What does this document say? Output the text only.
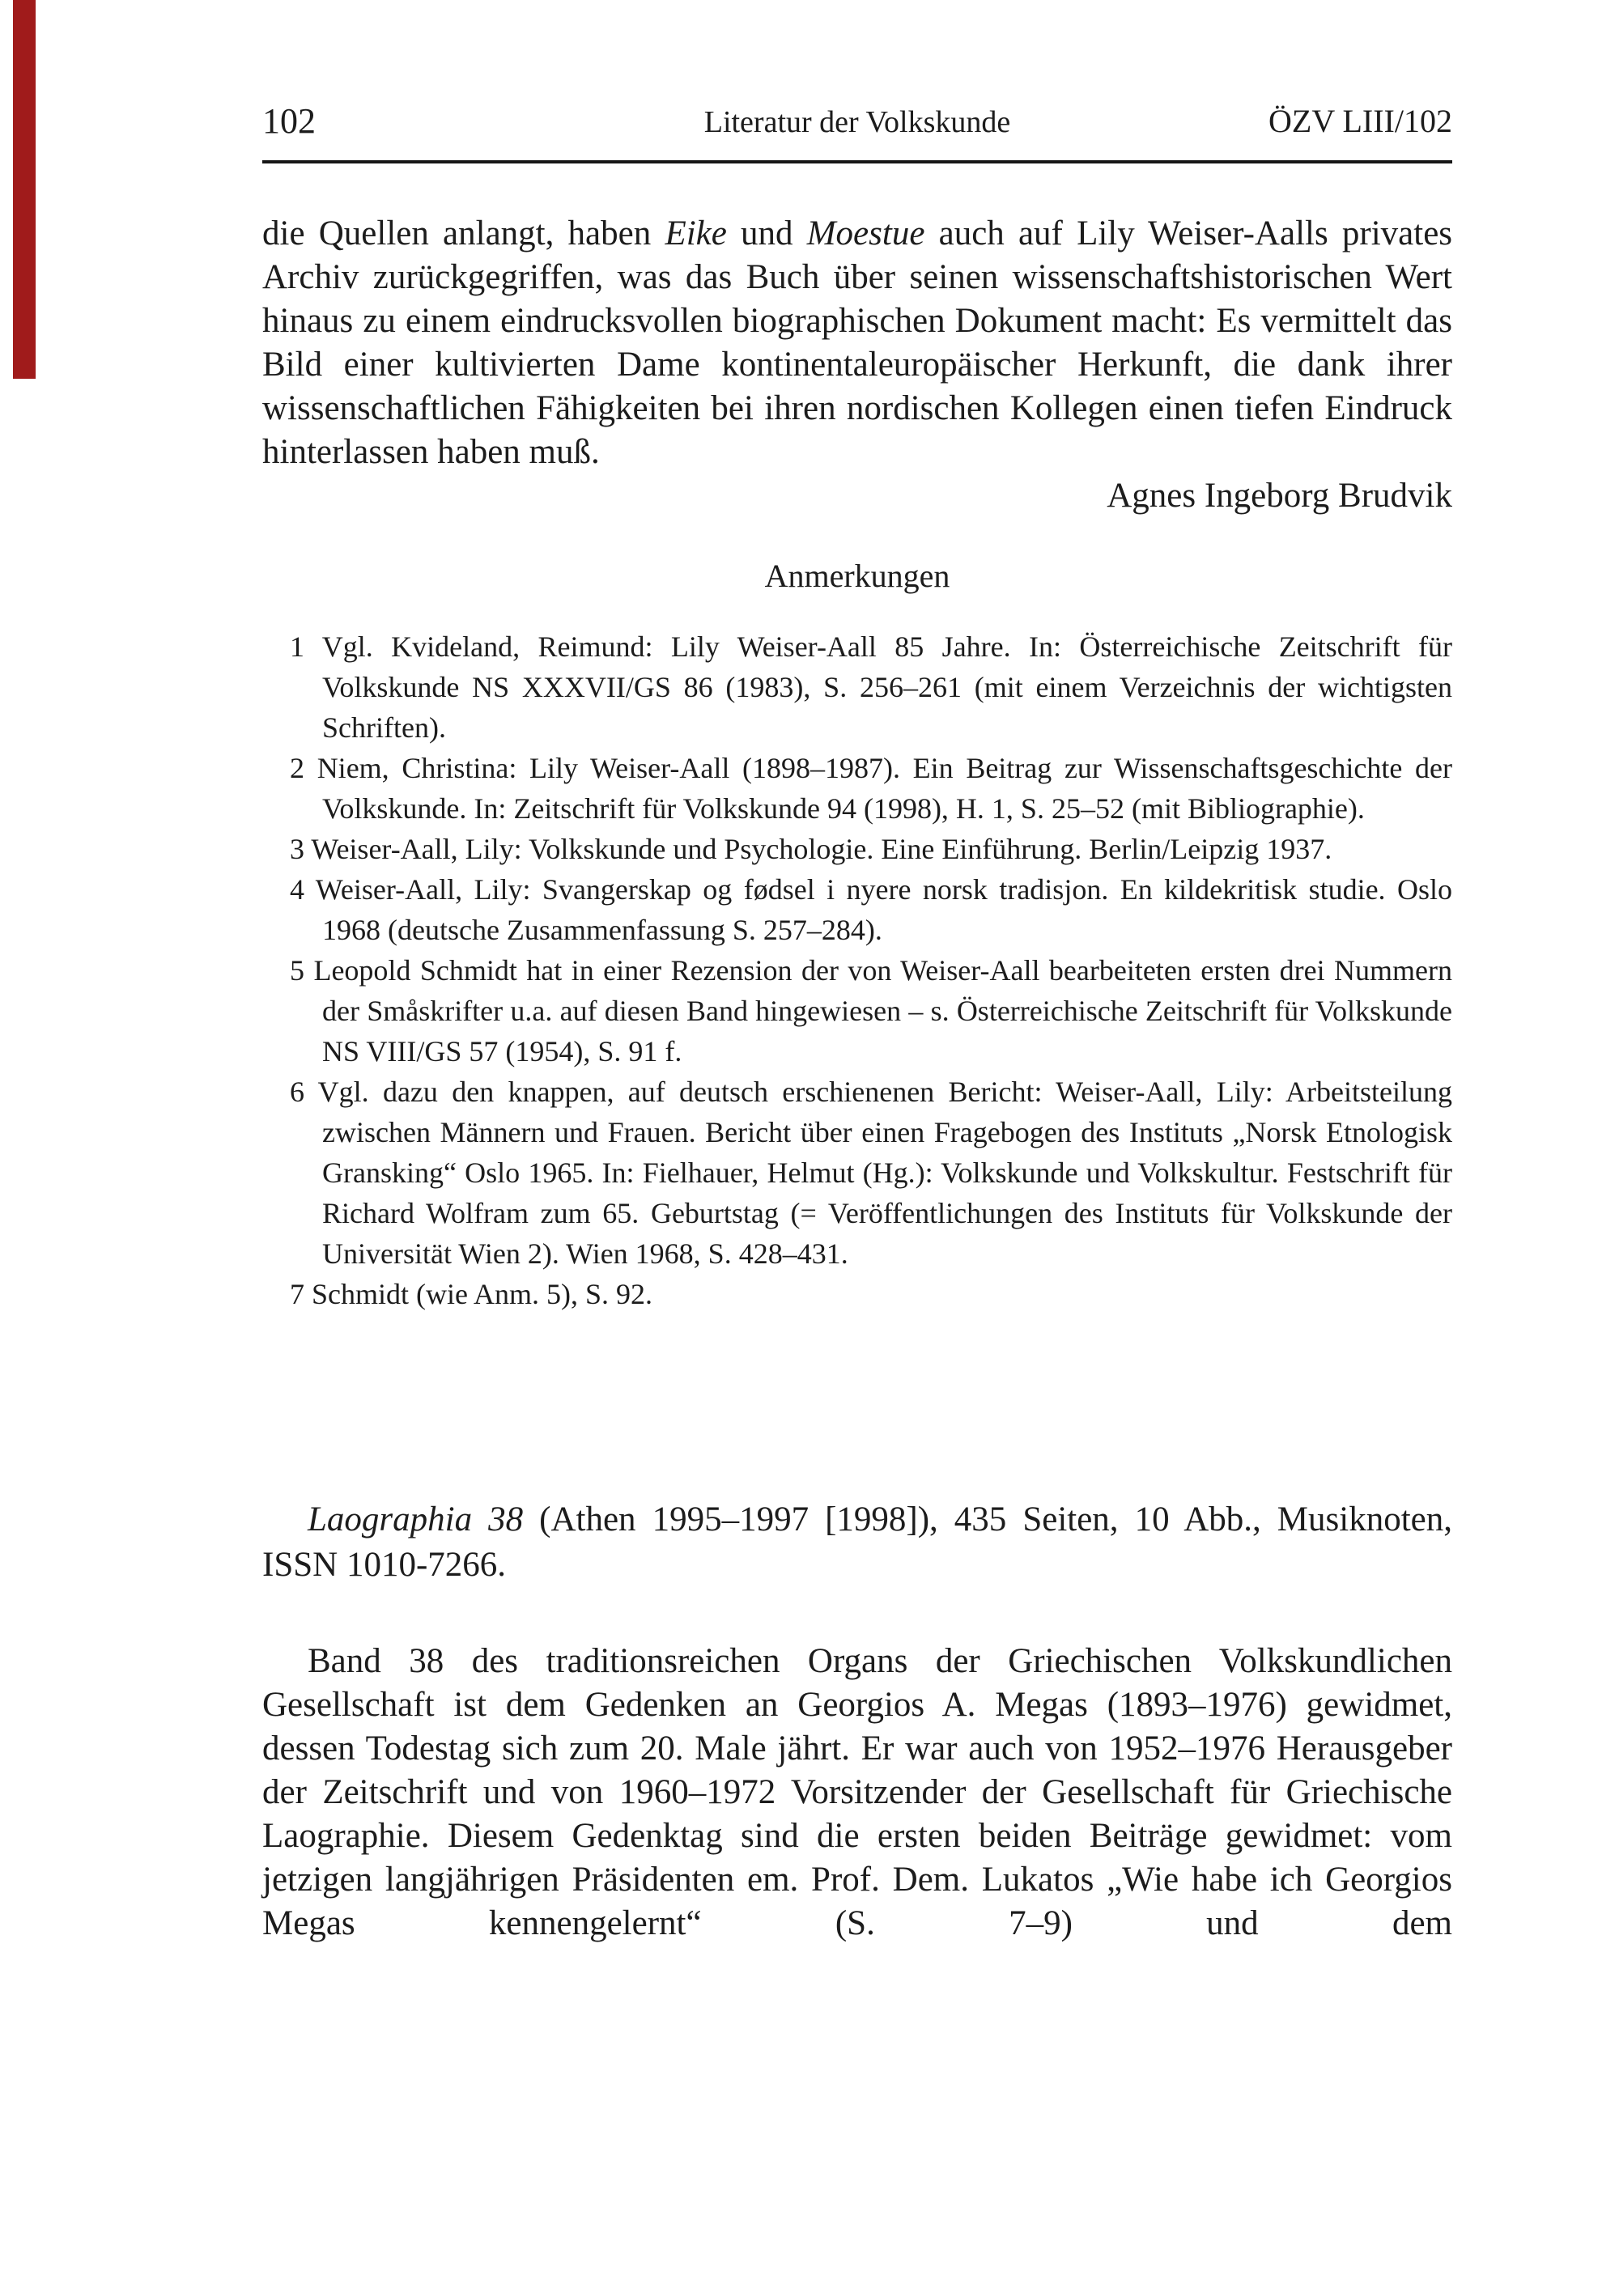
102	Literatur der Volkskunde	ÖZV LIII/102

die Quellen anlangt, haben Eike und Moestue auch auf Lily Weiser-Aalls privates Archiv zurückgegriffen, was das Buch über seinen wissenschaftshistorischen Wert hinaus zu einem eindrucksvollen biographischen Dokument macht: Es vermittelt das Bild einer kultivierten Dame kontinentaleuropäischer Herkunft, die dank ihrer wissenschaftlichen Fähigkeiten bei ihren nordischen Kollegen einen tiefen Eindruck hinterlassen haben muß.

Agnes Ingeborg Brudvik
Anmerkungen
1 Vgl. Kvideland, Reimund: Lily Weiser-Aall 85 Jahre. In: Österreichische Zeitschrift für Volkskunde NS XXXVII/GS 86 (1983), S. 256–261 (mit einem Verzeichnis der wichtigsten Schriften).
2 Niem, Christina: Lily Weiser-Aall (1898–1987). Ein Beitrag zur Wissenschaftsgeschichte der Volkskunde. In: Zeitschrift für Volkskunde 94 (1998), H. 1, S. 25–52 (mit Bibliographie).
3 Weiser-Aall, Lily: Volkskunde und Psychologie. Eine Einführung. Berlin/Leipzig 1937.
4 Weiser-Aall, Lily: Svangerskap og fødsel i nyere norsk tradisjon. En kildekritisk studie. Oslo 1968 (deutsche Zusammenfassung S. 257–284).
5 Leopold Schmidt hat in einer Rezension der von Weiser-Aall bearbeiteten ersten drei Nummern der Småskrifter u.a. auf diesen Band hingewiesen – s. Österreichische Zeitschrift für Volkskunde NS VIII/GS 57 (1954), S. 91 f.
6 Vgl. dazu den knappen, auf deutsch erschienenen Bericht: Weiser-Aall, Lily: Arbeitsteilung zwischen Männern und Frauen. Bericht über einen Fragebogen des Instituts „Norsk Etnologisk Gransking“ Oslo 1965. In: Fielhauer, Helmut (Hg.): Volkskunde und Volkskultur. Festschrift für Richard Wolfram zum 65. Geburtstag (= Veröffentlichungen des Instituts für Volkskunde der Universität Wien 2). Wien 1968, S. 428–431.
7 Schmidt (wie Anm. 5), S. 92.

Laographia 38 (Athen 1995–1997 [1998]), 435 Seiten, 10 Abb., Musiknoten, ISSN 1010-7266.

Band 38 des traditionsreichen Organs der Griechischen Volkskundlichen Gesellschaft ist dem Gedenken an Georgios A. Megas (1893–1976) gewidmet, dessen Todestag sich zum 20. Male jährt. Er war auch von 1952–1976 Herausgeber der Zeitschrift und von 1960–1972 Vorsitzender der Gesellschaft für Griechische Laographie. Diesem Gedenktag sind die ersten beiden Beiträge gewidmet: vom jetzigen langjährigen Präsidenten em. Prof. Dem. Lukatos „Wie habe ich Georgios Megas kennengelernt“ (S. 7–9) und dem
